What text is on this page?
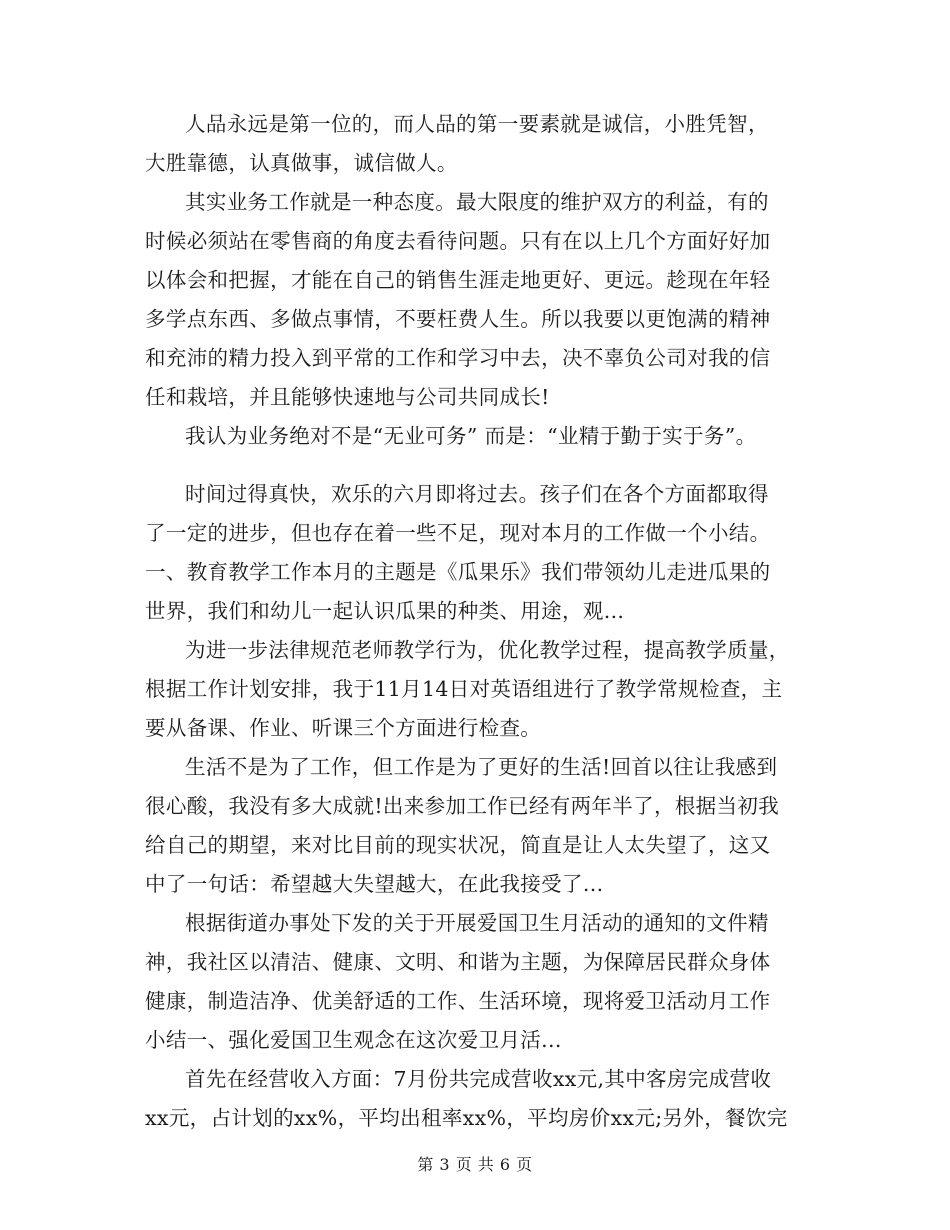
人品永远是第一位的，而人品的第一要素就是诚信，小胜凭智，
大胜靠德，认真做事，诚信做人。
其实业务工作就是一种态度。最大限度的维护双方的利益，有的
时候必须站在零售商的角度去看待问题。只有在以上几个方面好好加
以体会和把握，才能在自己的销售生涯走地更好、更远。趁现在年轻
多学点东西、多做点事情，不要枉费人生。所以我要以更饱满的精神
和充沛的精力投入到平常的工作和学习中去，决不辜负公司对我的信
任和栽培，并且能够快速地与公司共同成长!
我认为业务绝对不是“无业可务” 而是：“业精于勤于实于务”。
时间过得真快，欢乐的六月即将过去。孩子们在各个方面都取得
了一定的进步，但也存在着一些不足，现对本月的工作做一个小结。
一、教育教学工作本月的主题是《瓜果乐》我们带领幼儿走进瓜果的
世界，我们和幼儿一起认识瓜果的种类、用途，观...
为进一步法律规范老师教学行为，优化教学过程，提高教学质量，
根据工作计划安排，我于11月14日对英语组进行了教学常规检查，主
要从备课、作业、听课三个方面进行检查。
生活不是为了工作，但工作是为了更好的生活!回首以往让我感到
很心酸，我没有多大成就!出来参加工作已经有两年半了，根据当初我
给自己的期望，来对比目前的现实状况，简直是让人太失望了，这又
中了一句话：希望越大失望越大，在此我接受了...
根据街道办事处下发的关于开展爱国卫生月活动的通知的文件精
神，我社区以清洁、健康、文明、和谐为主题，为保障居民群众身体
健康，制造洁净、优美舒适的工作、生活环境，现将爱卫活动月工作
小结一、强化爱国卫生观念在这次爱卫月活...
首先在经营收入方面：7月份共完成营收xx元,其中客房完成营收
xx元，占计划的xx%，平均出租率xx%，平均房价xx元;另外，餐饮完
第 3 页 共 6 页
